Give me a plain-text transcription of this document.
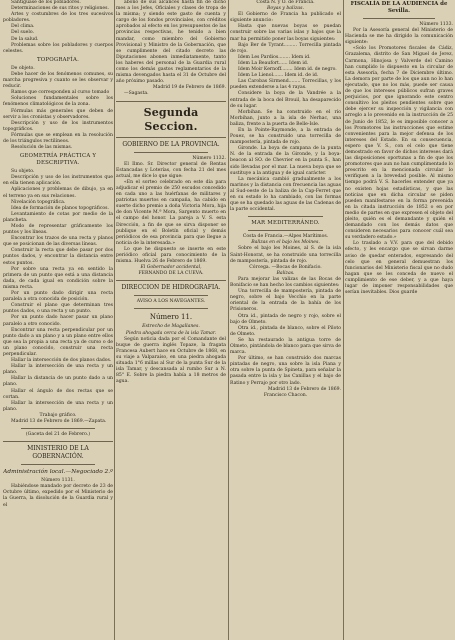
Santiguase de los pobladores.

Determinaciones de sus ritos y religiones.

Artes y costumbres de los tres sucesivos pobladores.

Del clima.

Del suelo.

De la salud.

Problemas sobre los pobladores y cuerpos celestes.

TOPOGRAFÍA.

De objeto.

Debe hacer de los fenómenos comunes, su marcha progresiva y cuanto se les observar y reducir.

Ramos que corresponden al curso tomado

Soluciones fundamentales sobre los fenómenos climatológicos de la zona.

Fórmulas más generales que deben de servir a los cronistas y observadores.

Descripción y uso de los instrumentos topográficos.

Fórmulas que se emplean en la resolución de los triángulos rectilíneos.

Resolución de las mismas.

GEOMETRÍA PRÁCTICA Y DESCRIPTIVA.

Su objeto.

Descripción y uso de los instrumentos que en ella tienen aplicación.

Aplicaciones y problemas de dibujo, ya en el terreno ya en sus relaciones.

Nivelación topográfica.

Idea de formación de planos topográficos.

Levantamiento de cotas por medio de la plancheta.

Modo de representar gráficamente los puntos y los líneas.

Encontrar los trazos de una recta y planos que se posicionan de las diversas líneas.

Construir la recta que debe pasar por dos puntos dados, y encontrar la distancia entre estos puntos.

Por sobre una recta ya en sentido la primera de un punto que está a una distancia dada, de cada igual en condición sobre la misma recta.

Por un punto dado dirigir una recta paralela a otra conocida de posición.

Construir el plano que determinan tres puntos dados, o una recta y un punto.

Por un punto dado hacer pasar un plano paralelo a otro conocido.

Encontrar una recta perpendicular por un punto dado a un plano y a un plano entre ellos que sea la propia a una recta ya de curso o de un plano conocido, construir una recta perpendicular.

Hallar la intersección de dos planos dados.

Hallar la intersección de una recta y un plano.

Hallar la distancia de un punto dado a un plano.

Hallar el ángulo de dos rectas que se cortan.

Hallar la intersección de una recta y un plano.

Trabajo gráfico.

Madrid 13 de Febrero de 1869.—Zapata.

(Gaceta del 21 de Febrero.)

MINISTERIO DE LA GOBERNACIÓN.
Administración local.—Negociado 2.º

Número 1131.

Habiéndose mandado por decreto de 23 de Octubre último, expedido por el Ministerio de la Guerra, la disolución de la Guardia rural y el

abono de sus alcances hasta fin de dicho mes a los Jefes, Oficiales y clases de tropa de la misma; y siendo este gasto de cuenta y cargo de los fondos provinciales, con créditos aprobados al efecto en los presupuestos de las provincias respectivas, he tenido a bien mandar, como miembro del Gobierno Provisional y Ministro de la Gobernación, que se cumplimente del citado decreto las Diputaciones abonen inmediatamente, tanto los haberes del personal de la Guardia rural como los demás gastos reglamentarios de la misma devengados hasta el 31 de Octubre del año próximo pasado.

Madrid 19 de Febrero de 1869.

—Sagasta.

Segunda Seccion.
GOBIERNO DE LA PROVINCIA.

Número 1132.

El Ilmo. Sr. Director general de Rentas Estancadas y Loterías, con fecha 21 del mes actual, me dice lo que sigue:

«En el sorteo celebrado en este día para adjudicar el premio de 250 escudos concedido en cada uno a las huérfanas de militares y patriotas muertos en campaña, ha cabido en suerte dicho premio a doña Victoria Mora, hija de don Vicente M.ª Mora, Sargento muerto en el campo del honor. La pareja a V. S. esta Dirección, a fin de que se sirva disponer se publique en el Boletín oficial y demás periódicos de esa provincia para que llegue a noticia de la interesada.»

Lo que he dispuesto se inserte en este periódico oficial para conocimiento de la misma. Huelva 26 de Febrero de 1869.

El Gobernador accidental,

FERNANDO DE LA CUEVA.

DIRECCION DE HIDROGRAFIA.

AVISO A LOS NAVEGANTES.

Número 11.

Estrecho de Magallanes.

Piedra ahogada cerca de la isla Tamar.

Según noticia dada por el Comandante del buque de guerra inglés Topaze, la fragata Francesa Aubert hace en Octubre de 1868, en su viaje a Valparaíso, en una piedra ahogada situada 1°6 millas al Sur de la punta Sur de la isla Tamar, y descansada al rumbo Sur a N. 85° E. Sobre la piedra había a 18 metros de agua.

Costa N. y O. de Francia.

Boyas y balizas.

El Gobierno de Francia ha publicado el siguiente anuncio:

Hasta que nuevas boyas se puedan construir sobre las varias islas y bajos que la mar ha permitido poner las boyas siguientes:

Bajo Ber de Tyrant......... Torrecilla pintada de rojo.

Idem Les Pardios........ Idem id.

Idem La Beaufort...... Idem id.

Idem Moir Kernoff........ Idem id. de negro.

Idem Le Lienol....... Idem id. de id.

Las Carobas Sirmend........ Torrecillas, y los pueden extenderse a las 4 rayas.

Considere la boya de la Vandrée a la entrada de la boca del Brouil, ha desaparecido de su lugar.

Morbihan. Se ha construido en el río Morbihan, junto a la isla de Nerhac, una baliza, frente a la puerta de Belle-Isle.

En la Pointe-Raymonde, a la entrada de Pouez, se ha construido una torrecilla de mampostería, pintada de rojo.

Gironde. La boya de campana de la punta N. de la entrada de la Gironde, y la boya-beacon al SO. de Chevrier en la punta S., han sido llevadas por el mar. La nueva boya que se sustituye a la antigua y de igual carácter.

La mecánica cambió gradualmente a los marinos y la distancia con frecuencia las aguas al Sud-oeste de la baliza de la Cap-Ferret que en su estado lo ha cambiado, con las formas que se ha quedado las aguas de las Cadenas de la parte occidental.

MAR MEDITERRÁNEO.

Costa de Francia.—Alpes Marítimos.

Balizas en el bajo les Moines.

Sobre el bajo les Moines, al S. de la isla Saint-Honorat, se ha construido una torrecilla de mampostería, pintada de rojo.

Córcega. —Bocas de Bonifacio.

Balizas.

Para mejorar las valizas de las Bocas de Bonifacio se han hecho los cambios siguientes:

Una torrecilla de mampostería, pintada de negro, sobre el bajo Vecchio en la parte oriental de la entrada de la bahía de los Prisioneros.

Otra id., pintada de negro y rojo, sobre el bajo de Olmeto.

Otra id., pintada de blanco, sobre el Piloto de Olmeto.

Se ha restaurado la antigua torre de Olmeto, pintándola de blanco para que sirva de marca.

Por último, se han construido dos marcas pintadas de negro, una sobre la isla Piana y otra sobre la punta de Spineta, para señalar la pasada entre la isla y las Canillas y el bajo de Ratino y Perrajo por otro lado.

Madrid 13 de Febrero de 1869.

Francisco Chacon.

FISCALÍA DE LA AUDIENCIA de Sevilla.

Número 1133.

Por la Asesoría general del Ministerio de Hacienda se me ha dirigido la comunicación siguiente:

«Solo los Promotores fiscales de Cádiz, Grazalema, distrito de San Miguel de Jerez, Carmona, Hinojosa y Valverde del Camino han cumplido lo dispuesto en la circular de esta Asesoría, fecha 7 de Diciembre último. La demora por parte de los que aun no lo han ejecutado, que no los más, puede ser causa de que los intereses públicos sufran graves perjuicios, por que ignorando este centro consultivo los pleitos pendientes sobre que debe ejercer su inspección y vigilancia con arreglo a lo prevenido en la instrucción de 25 de Junio de 1852, le es imposible conocer a los Promotores las instrucciones que estime convenientes para la mejor defensa de los intereses del Estado. En su consecuencia, espero que V. S., con el celo que tiene demostrado en favor de dichos intereses dará las disposiciones oportunas a fin de que los promotores que aun no han cumplimentado lo prescrito en la mencionada circular lo verifiquen a la brevedad posible. Al mismo tiempo podrá V. S. hacerles entender que ya no existen hojas estadísticas, y que las noticias que en dicha circular se piden pueden manifestarse en la forma prevenida en la citada instrucción de 1852 o en por medio de partes en que expresen el objeto del pleito, quién es el demandante y quién el demandado con los demás datos que consideren necesarios para conocer cuál sea su verdadero estado.»

Lo traslado a V.V. para que del debido efecto, y les encargo que se sirvan darme aviso de quedar enterados, expresando del celo que en general demuestran los funcionarios del Ministerio fiscal que no dudo hagan que se les conceda de nuevo el cumplimiento de ese deber, y a que haya lugar de imponer responsabilidades que serían inevitables. Dios guarde
